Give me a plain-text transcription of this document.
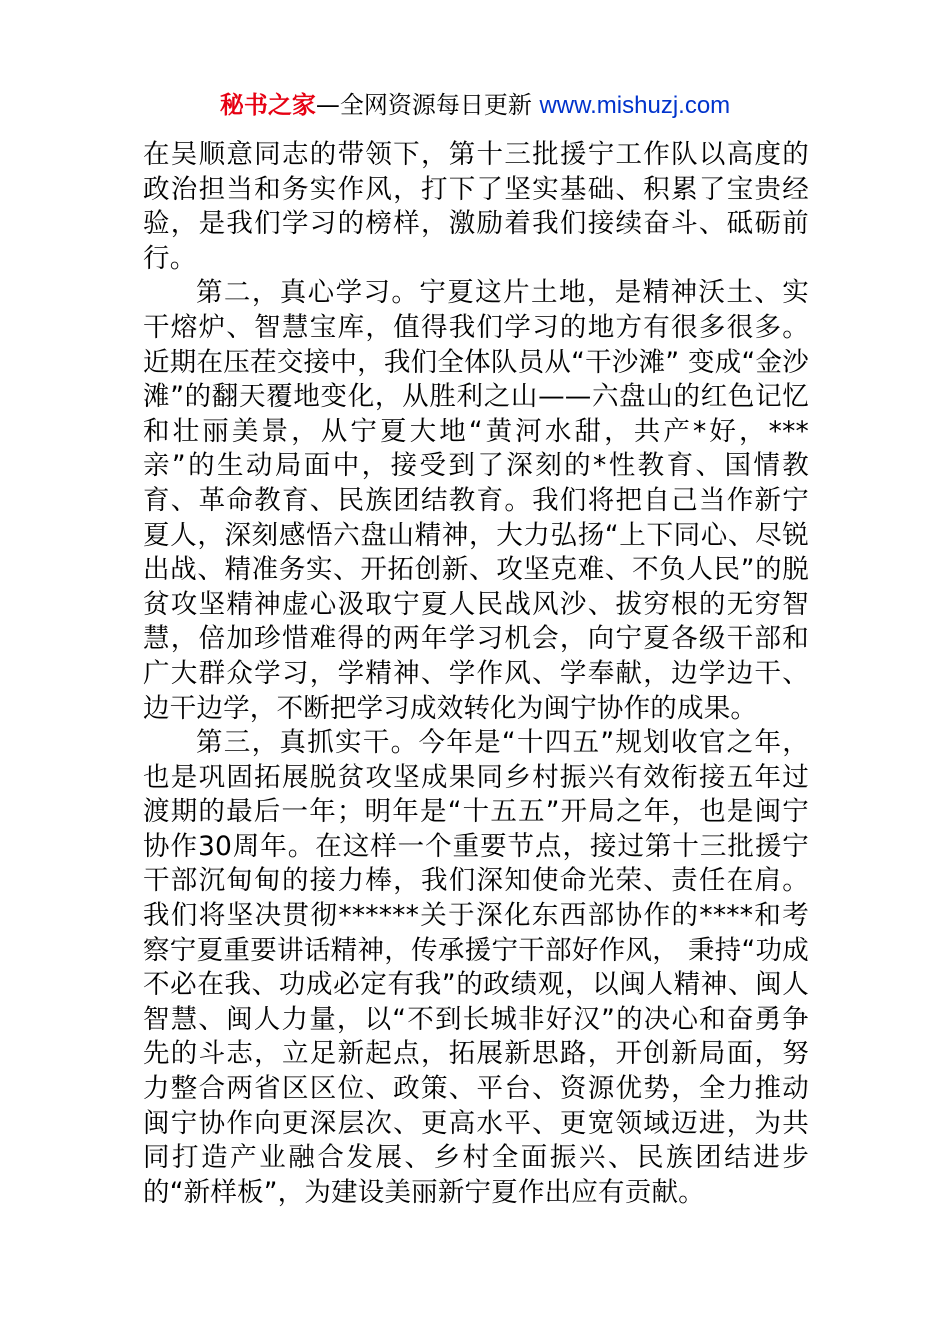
秘书之家—全网资源每日更新 www.mishuzj.com

在吴顺意同志的带领下，第十三批援宁工作队以高度的政治担当和务实作风，打下了坚实基础、积累了宝贵经验，是我们学习的榜样，激励着我们接续奋斗、砥砺前行。

第二，真心学习。宁夏这片土地，是精神沃土、实干熔炉、智慧宝库，值得我们学习的地方有很多很多。近期在压茬交接中，我们全体队员从“干沙滩” 变成“金沙滩”的翻天覆地变化，从胜利之山——六盘山的红色记忆和壮丽美景，从宁夏大地“黄河水甜，共产*好，***亲”的生动局面中，接受到了深刻的*性教育、国情教育、革命教育、民族团结教育。我们将把自己当作新宁夏人，深刻感悟六盘山精神，大力弘扬“上下同心、尽锐出战、精准务实、开拓创新、攻坚克难、不负人民”的脱贫攻坚精神虚心汲取宁夏人民战风沙、拔穷根的无穷智慧，倍加珍惜难得的两年学习机会，向宁夏各级干部和广大群众学习，学精神、学作风、学奉献，边学边干、边干边学，不断把学习成效转化为闽宁协作的成果。

第三，真抓实干。今年是“十四五”规划收官之年，也是巩固拓展脱贫攻坚成果同乡村振兴有效衔接五年过渡期的最后一年；明年是“十五五”开局之年，也是闽宁协作30周年。在这样一个重要节点，接过第十三批援宁干部沉甸甸的接力棒，我们深知使命光荣、责任在肩。我们将坚决贯彻******关于深化东西部协作的****和考察宁夏重要讲话精神，传承援宁干部好作风， 秉持“功成不必在我、功成必定有我”的政绩观，以闽人精神、闽人智慧、闽人力量，以“不到长城非好汉”的决心和奋勇争先的斗志，立足新起点，拓展新思路，开创新局面，努力整合两省区区位、政策、平台、资源优势，全力推动闽宁协作向更深层次、更高水平、更宽领域迈进，为共同打造产业融合发展、乡村全面振兴、民族团结进步的“新样板”，为建设美丽新宁夏作出应有贡献。
